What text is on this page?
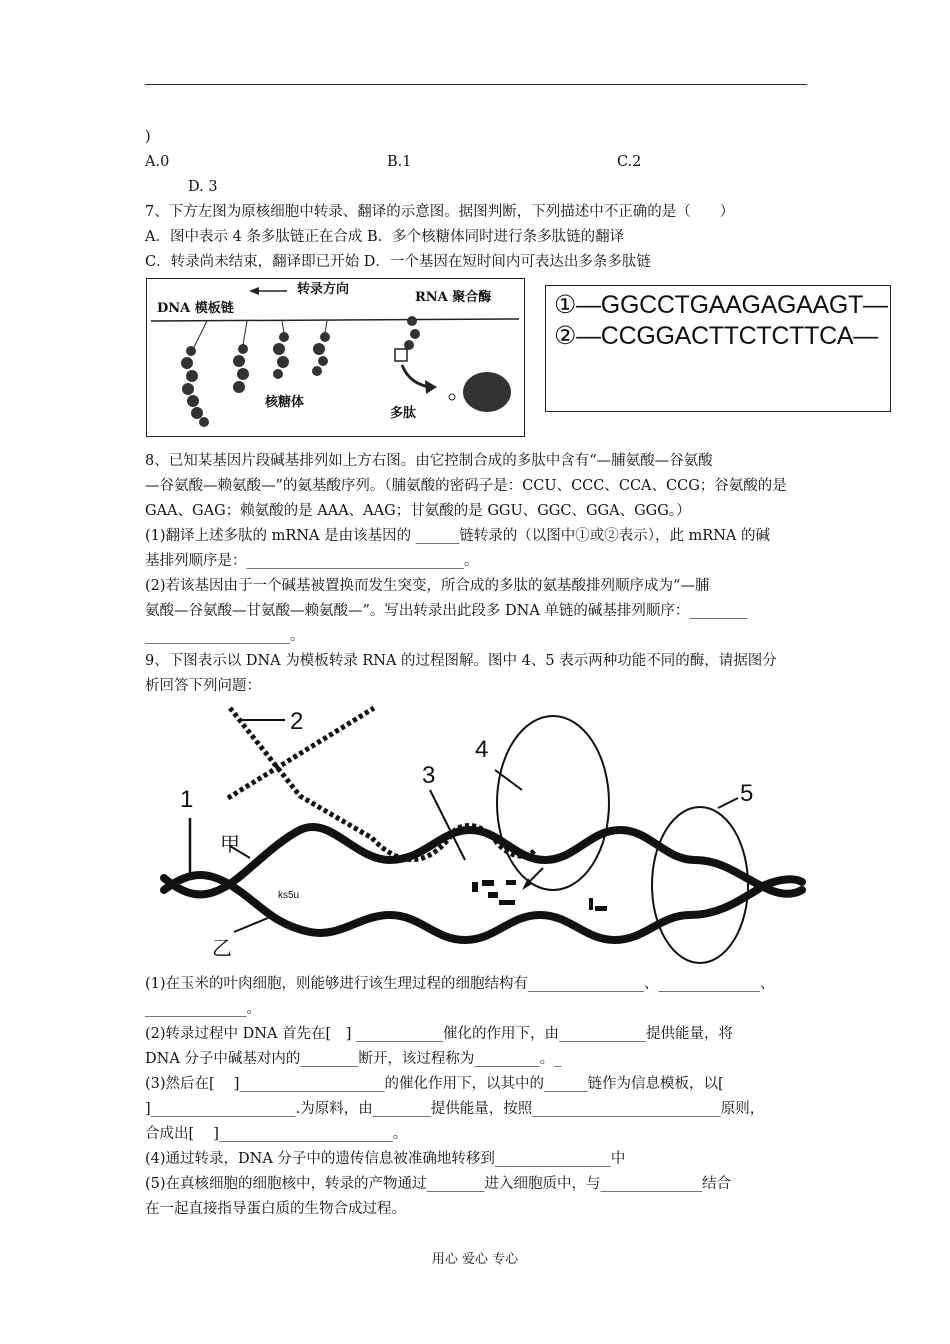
)
A.0	B.1	C.2
D. 3
7、下方左图为原核细胞中转录、翻译的示意图。据图判断，下列描述中不正确的是（　　）
A．图中表示 4 条多肽链正在合成 B．多个核糖体同时进行条多肽链的翻译
C．转录尚未结束，翻译即已开始 D．一个基因在短时间内可表达出多条多肽链
转录方向
DNA 模板链
RNA 聚合酶
核糖体
多肽
①—GGCCTGAAGAGAAGT—
②—CCGGACTTCTCTTCA—
8、已知某基因片段碱基排列如上方右图。由它控制合成的多肽中含有“—脯氨酸—谷氨酸
—谷氨酸—赖氨酸—”的氨基酸序列。（脯氨酸的密码子是：CCU、CCC、CCA、CCG；谷氨酸的是
GAA、GAG；赖氨酸的是 AAA、AAG；甘氨酸的是 GGU、GGC、GGA、GGG。）
(1)翻译上述多肽的 mRNA 是由该基因的 ______链转录的（以图中①或②表示），此 mRNA 的碱
基排列顺序是：______________________________。
(2)若该基因由于一个碱基被置换而发生突变，所合成的多肽的氨基酸排列顺序成为“—脯
氨酸—谷氨酸—甘氨酸—赖氨酸—”。写出转录出此段多 DNA 单链的碱基排列顺序：________
____________________。
9、下图表示以 DNA 为模板转录 RNA 的过程图解。图中 4、5 表示两种功能不同的酶，请据图分
析回答下列问题：
1
2
3
4
5
甲
乙
ks5u
(1)在玉米的叶肉细胞，则能够进行该生理过程的细胞结构有________________、______________、
______________。
(2)转录过程中 DNA 首先在[　] ____________催化的作用下，由____________提供能量，将
DNA 分子中碱基对内的________断开，该过程称为_________。_
(3)然后在[　 ]____________________的催化作用下，以其中的______链作为信息模板，以[
]____________________.为原料，由________提供能量，按照__________________________原则，
合成出[　 ]________________________。
(4)通过转录，DNA 分子中的遗传信息被准确地转移到________________中
(5)在真核细胞的细胞核中，转录的产物通过________进入细胞质中，与______________结合
在一起直接指导蛋白质的生物合成过程。
用心 爱心 专心
